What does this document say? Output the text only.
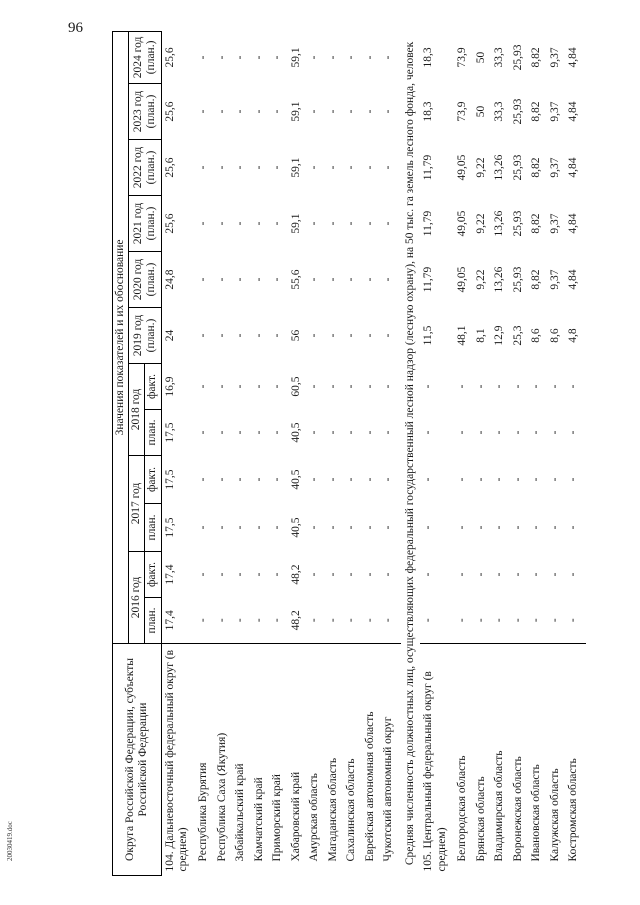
96
20030419.doc	Округа Российской Федерации, субъекты Российской Федерации	Значения показателей и их обоснование											
	2016 год		2017 год		2018 год		2019 год (план.)	2020 год (план.)	2021 год (план.)	2022 год (план.)	2023 год (план.)	2024 год (план.)
	план.	факт.	план.	факт.	план.	факт.						
104. Дальневосточный федеральный округ (в среднем)	17,4	17,4	17,5	17,5	17,5	16,9	24	24,8	25,6	25,6	25,6	25,6
Республика Бурятия	-	-	-	-	-	-	-	-	-	-	-	-
Республика Саха (Якутия)	-	-	-	-	-	-	-	-	-	-	-	-
Забайкальский край	-	-	-	-	-	-	-	-	-	-	-	-
Камчатский край	-	-	-	-	-	-	-	-	-	-	-	-
Приморский край	-	-	-	-	-	-	-	-	-	-	-	-
Хабаровский край	48,2	48,2	40,5	40,5	40,5	60,5	56	55,6	59,1	59,1	59,1	59,1
Амурская область	-	-	-	-	-	-	-	-	-	-	-	-
Магаданская область	-	-	-	-	-	-	-	-	-	-	-	-
Сахалинская область	-	-	-	-	-	-	-	-	-	-	-	-
Еврейская автономная область	-	-	-	-	-	-	-	-	-	-	-	-
Чукотский автономный округ	-	-	-	-	-	-	-	-	-	-	-	-
Средняя численность должностных лиц, осуществляющих федеральный государственный лесной надзор (лесную охрану), на 50 тыс. га земель лесного фонда, человек												
105. Центральный федеральный округ (в среднем)	-	-	-	-	-	-	11,5	11,79	11,79	11,79	18,3	18,3
Белгородская область	-	-	-	-	-	-	48,1	49,05	49,05	49,05	73,9	73,9
Брянская область	-	-	-	-	-	-	8,1	9,22	9,22	9,22	50	50
Владимирская область	-	-	-	-	-	-	12,9	13,26	13,26	13,26	33,3	33,3
Воронежская область	-	-	-	-	-	-	25,3	25,93	25,93	25,93	25,93	25,93
Ивановская область	-	-	-	-	-	-	8,6	8,82	8,82	8,82	8,82	8,82
Калужская область	-	-	-	-	-	-	8,6	9,37	9,37	9,37	9,37	9,37
Костромская область	-	-	-	-	-	-	4,8	4,84	4,84	4,84	4,84	4,84
